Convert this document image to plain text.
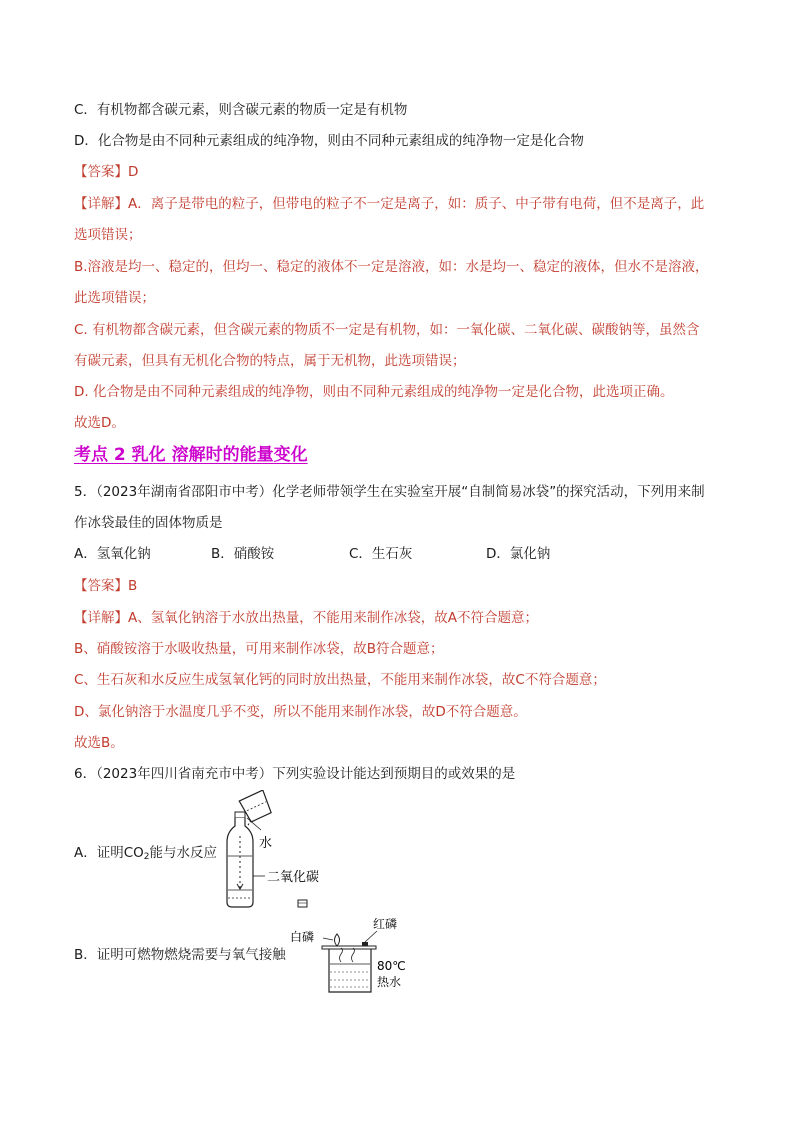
C．有机物都含碳元素，则含碳元素的物质一定是有机物
D．化合物是由不同种元素组成的纯净物，则由不同种元素组成的纯净物一定是化合物
【答案】D
【详解】A．离子是带电的粒子，但带电的粒子不一定是离子，如：质子、中子带有电荷，但不是离子，此
选项错误；
B.溶液是均一、稳定的，但均一、稳定的液体不一定是溶液，如：水是均一、稳定的液体，但水不是溶液，
此选项错误；
C. 有机物都含碳元素，但含碳元素的物质不一定是有机物，如：一氧化碳、二氧化碳、碳酸钠等，虽然含
有碳元素，但具有无机化合物的特点，属于无机物，此选项错误；
D. 化合物是由不同种元素组成的纯净物，则由不同种元素组成的纯净物一定是化合物，此选项正确。
故选D。
考点 2 乳化 溶解时的能量变化
5．（2023年湖南省邵阳市中考）化学老师带领学生在实验室开展“自制简易冰袋”的探究活动，下列用来制
作冰袋最佳的固体物质是
A．氢氧化钠	B．硝酸铵	C．生石灰	D．氯化钠
【答案】B
【详解】A、氢氧化钠溶于水放出热量，不能用来制作冰袋，故A不符合题意；
B、硝酸铵溶于水吸收热量，可用来制作冰袋，故B符合题意；
C、生石灰和水反应生成氢氧化钙的同时放出热量，不能用来制作冰袋，故C不符合题意；
D、氯化钠溶于水温度几乎不变，所以不能用来制作冰袋，故D不符合题意。
故选B。
6．（2023年四川省南充市中考）下列实验设计能达到预期目的或效果的是
A．证明$CO_2$能与水反应
水
二氧化碳
B．证明可燃物燃烧需要与氧气接触
白磷
红磷
80℃
热水
